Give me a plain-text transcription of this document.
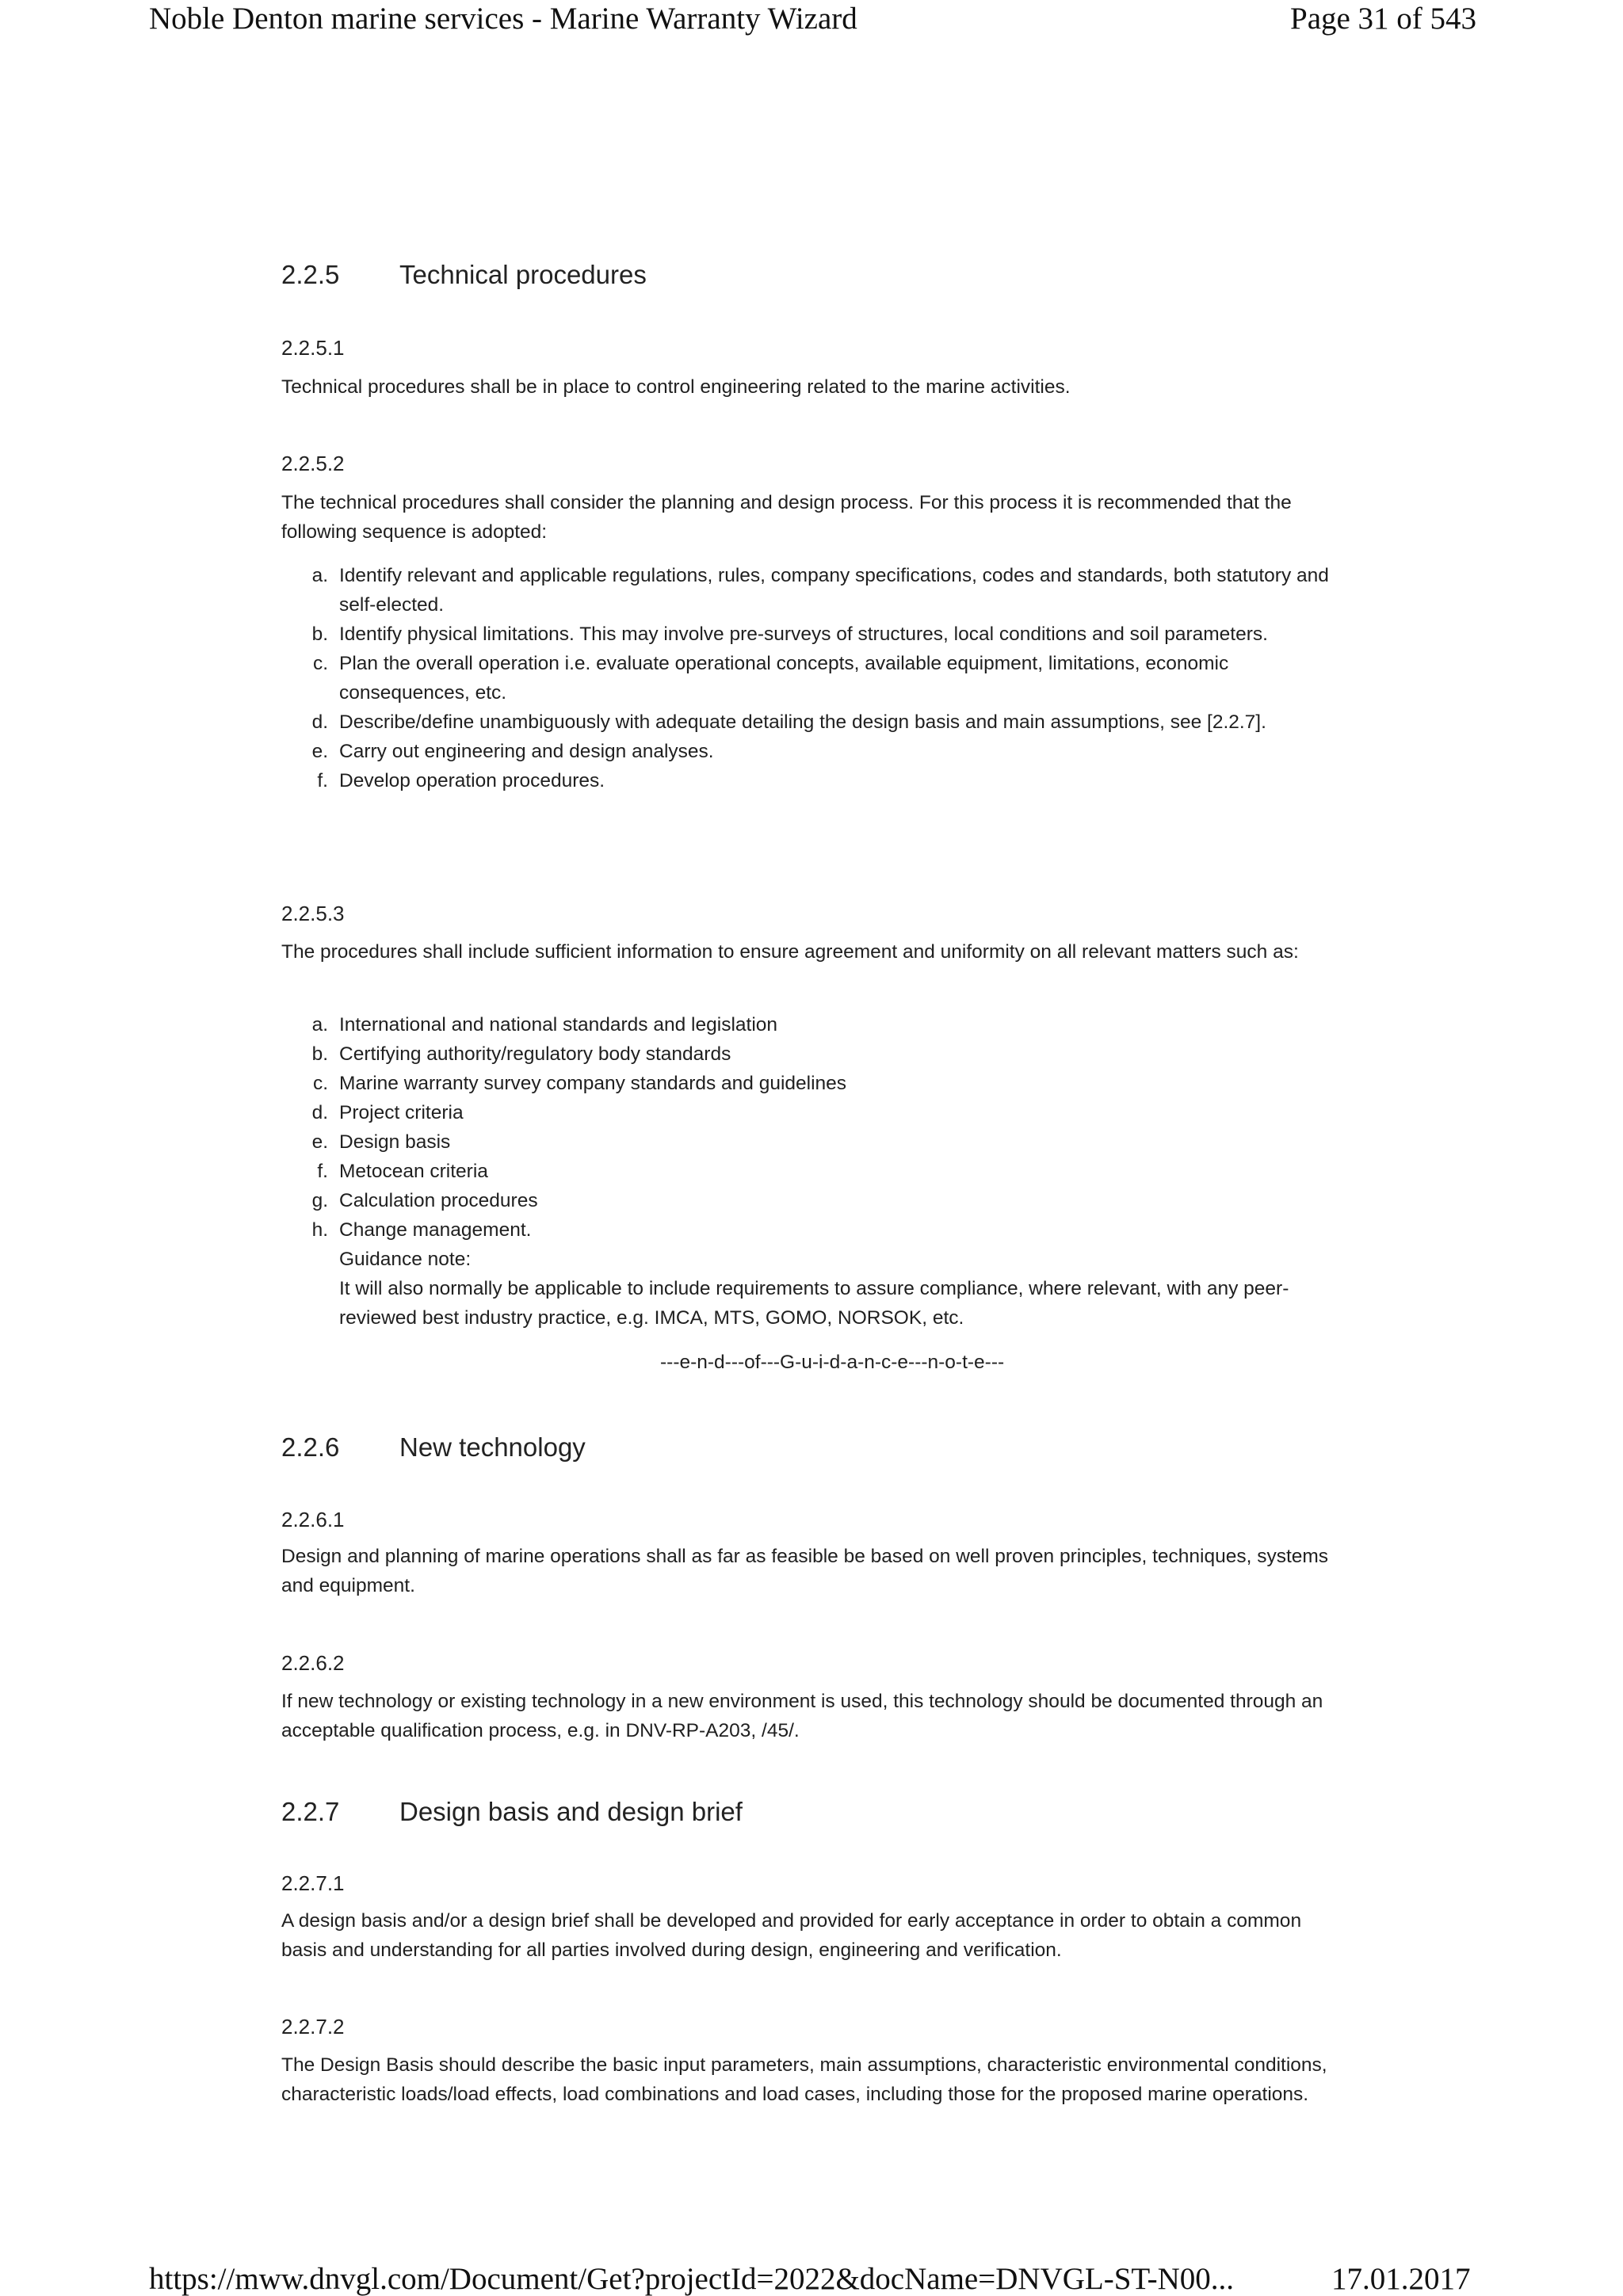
Noble Denton marine services - Marine Warranty Wizard	Page 31 of 543
2.2.5 Technical procedures
2.2.5.1
Technical procedures shall be in place to control engineering related to the marine activities.
2.2.5.2
The technical procedures shall consider the planning and design process. For this process it is recommended that the following sequence is adopted:
a. Identify relevant and applicable regulations, rules, company specifications, codes and standards, both statutory and self-elected.
b. Identify physical limitations. This may involve pre-surveys of structures, local conditions and soil parameters.
c. Plan the overall operation i.e. evaluate operational concepts, available equipment, limitations, economic consequences, etc.
d. Describe/define unambiguously with adequate detailing the design basis and main assumptions, see [2.2.7].
e. Carry out engineering and design analyses.
f. Develop operation procedures.
2.2.5.3
The procedures shall include sufficient information to ensure agreement and uniformity on all relevant matters such as:
a. International and national standards and legislation
b. Certifying authority/regulatory body standards
c. Marine warranty survey company standards and guidelines
d. Project criteria
e. Design basis
f. Metocean criteria
g. Calculation procedures
h. Change management.
Guidance note:
It will also normally be applicable to include requirements to assure compliance, where relevant, with any peer-reviewed best industry practice, e.g. IMCA, MTS, GOMO, NORSOK, etc.
---e-n-d---of---G-u-i-d-a-n-c-e---n-o-t-e---
2.2.6 New technology
2.2.6.1
Design and planning of marine operations shall as far as feasible be based on well proven principles, techniques, systems and equipment.
2.2.6.2
If new technology or existing technology in a new environment is used, this technology should be documented through an acceptable qualification process, e.g. in DNV-RP-A203, /45/.
2.2.7 Design basis and design brief
2.2.7.1
A design basis and/or a design brief shall be developed and provided for early acceptance in order to obtain a common basis and understanding for all parties involved during design, engineering and verification.
2.2.7.2
The Design Basis should describe the basic input parameters, main assumptions, characteristic environmental conditions, characteristic loads/load effects, load combinations and load cases, including those for the proposed marine operations.
https://mww.dnvgl.com/Document/Get?projectId=2022&docName=DNVGL-ST-N00...	17.01.2017
